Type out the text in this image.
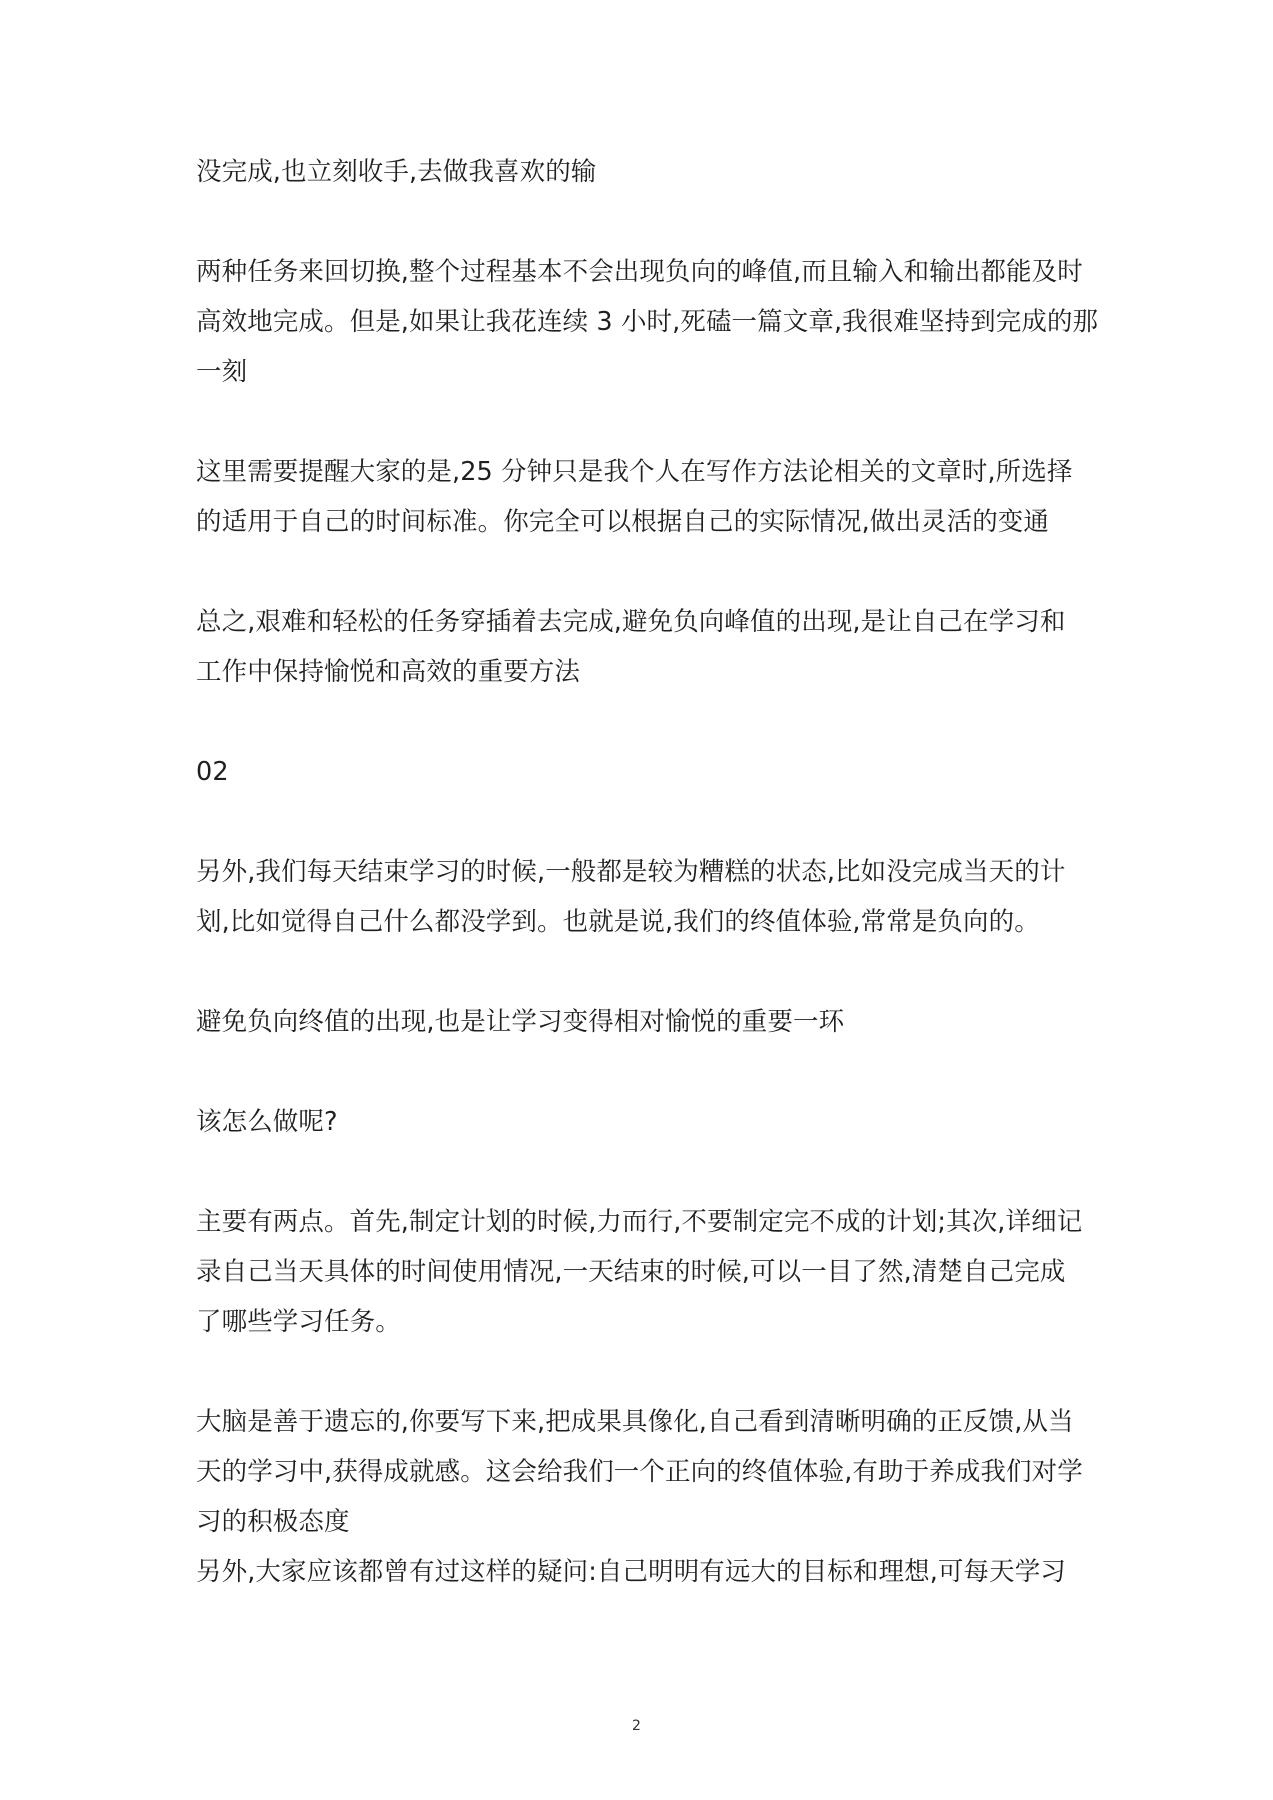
没完成,也立刻收手,去做我喜欢的输
两种任务来回切换,整个过程基本不会出现负向的峰值,而且输入和输出都能及时
高效地完成。但是,如果让我花连续 3 小时,死磕一篇文章,我很难坚持到完成的那
一刻
这里需要提醒大家的是,25 分钟只是我个人在写作方法论相关的文章时,所选择
的适用于自己的时间标准。你完全可以根据自己的实际情况,做出灵活的变通
总之,艰难和轻松的任务穿插着去完成,避免负向峰值的出现,是让自己在学习和
工作中保持愉悦和高效的重要方法
02
另外,我们每天结束学习的时候,一般都是较为糟糕的状态,比如没完成当天的计
划,比如觉得自己什么都没学到。也就是说,我们的终值体验,常常是负向的。
避免负向终值的出现,也是让学习变得相对愉悦的重要一环
该怎么做呢?
主要有两点。首先,制定计划的时候,力而行,不要制定完不成的计划;其次,详细记
录自己当天具体的时间使用情况,一天结束的时候,可以一目了然,清楚自己完成
了哪些学习任务。
大脑是善于遗忘的,你要写下来,把成果具像化,自己看到清晰明确的正反馈,从当
天的学习中,获得成就感。这会给我们一个正向的终值体验,有助于养成我们对学
习的积极态度
另外,大家应该都曾有过这样的疑问:自己明明有远大的目标和理想,可每天学习
2
